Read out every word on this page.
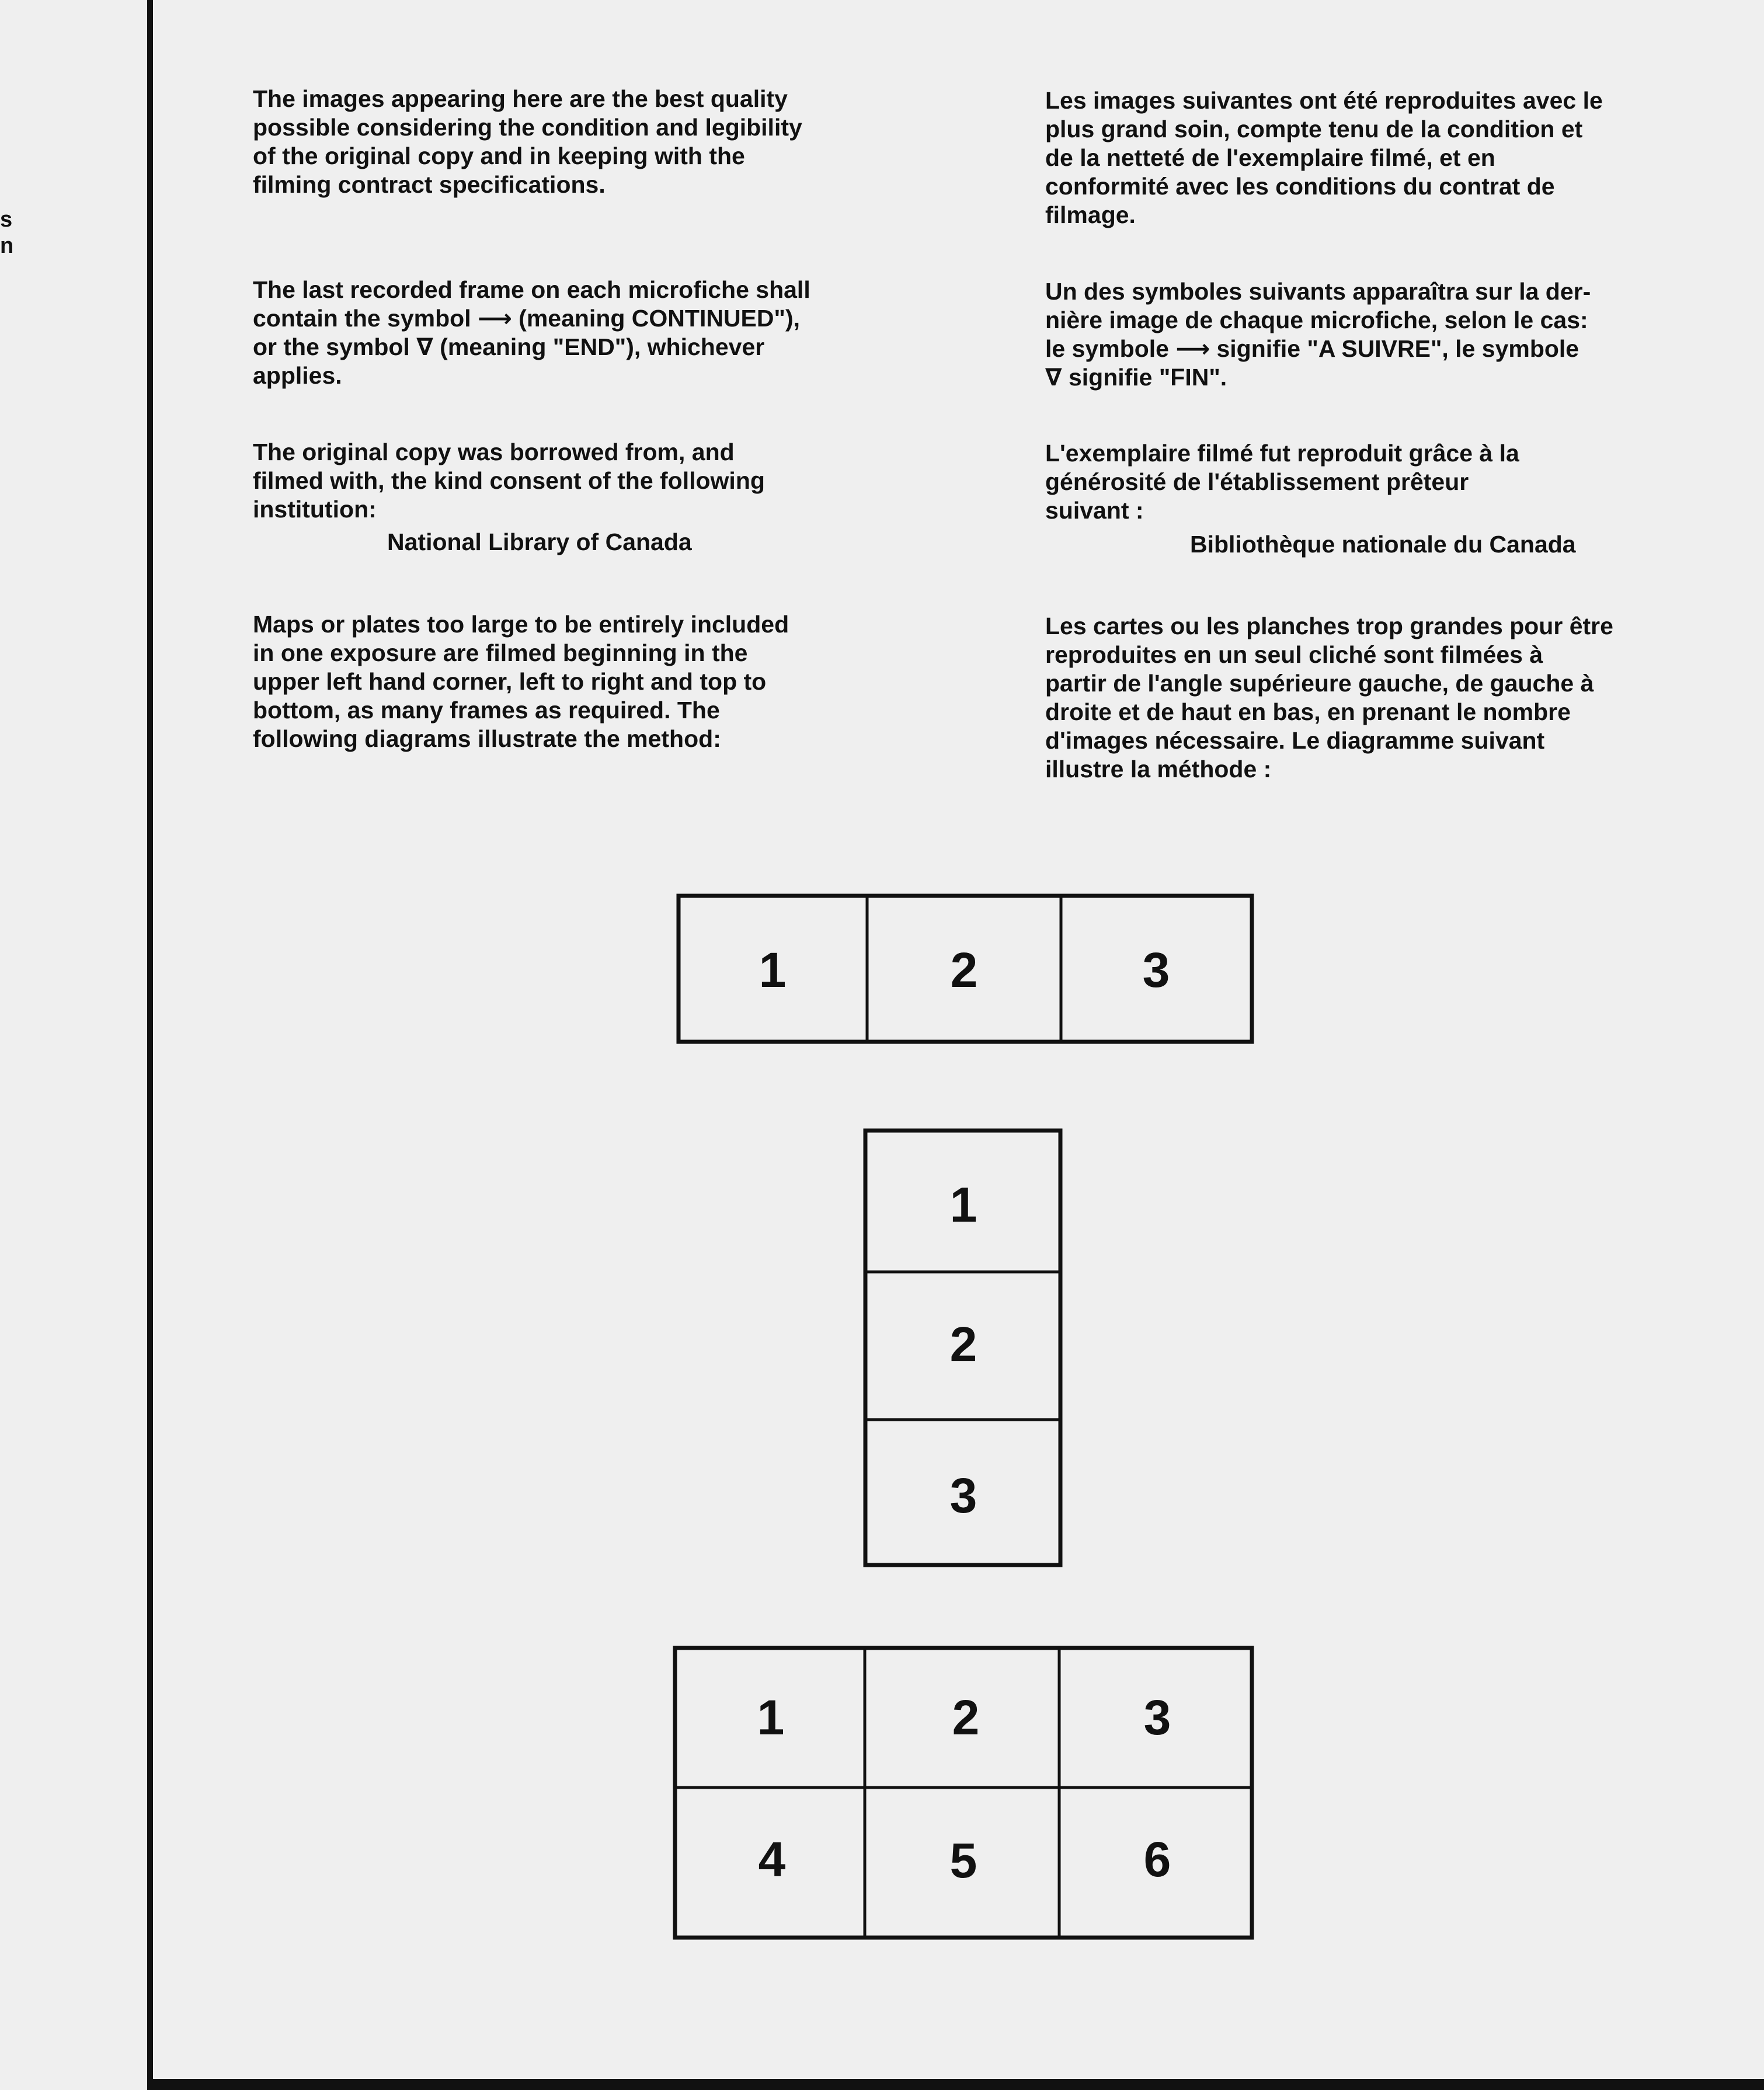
s
n

The images appearing here are the best quality
possible considering the condition and legibility
of the original copy and in keeping with the
filming contract specifications.

The last recorded frame on each microfiche shall
contain the symbol ⟶ (meaning CONTINUED"),
or the symbol ∇ (meaning "END"), whichever
applies.

The original copy was borrowed from, and
filmed with, the kind consent of the following
institution:

National Library of Canada

Maps or plates too large to be entirely included
in one exposure are filmed beginning in the
upper left hand corner, left to right and top to
bottom, as many frames as required. The
following diagrams illustrate the method:

Les images suivantes ont été reproduites avec le
plus grand soin, compte tenu de la condition et
de la netteté de l'exemplaire filmé, et en
conformité avec les conditions du contrat de
filmage.

Un des symboles suivants apparaîtra sur la der-
nière image de chaque microfiche, selon le cas:
le symbole ⟶ signifie "A SUIVRE", le symbole
∇ signifie "FIN".

L'exemplaire filmé fut reproduit grâce à la
générosité de l'établissement prêteur
suivant :

Bibliothèque nationale du Canada

Les cartes ou les planches trop grandes pour être
reproduites en un seul cliché sont filmées à
partir de l'angle supérieure gauche, de gauche à
droite et de haut en bas, en prenant le nombre
d'images nécessaire. Le diagramme suivant
illustre la méthode :

1	2	3
1
2
3
1	2	3
4	5	6
